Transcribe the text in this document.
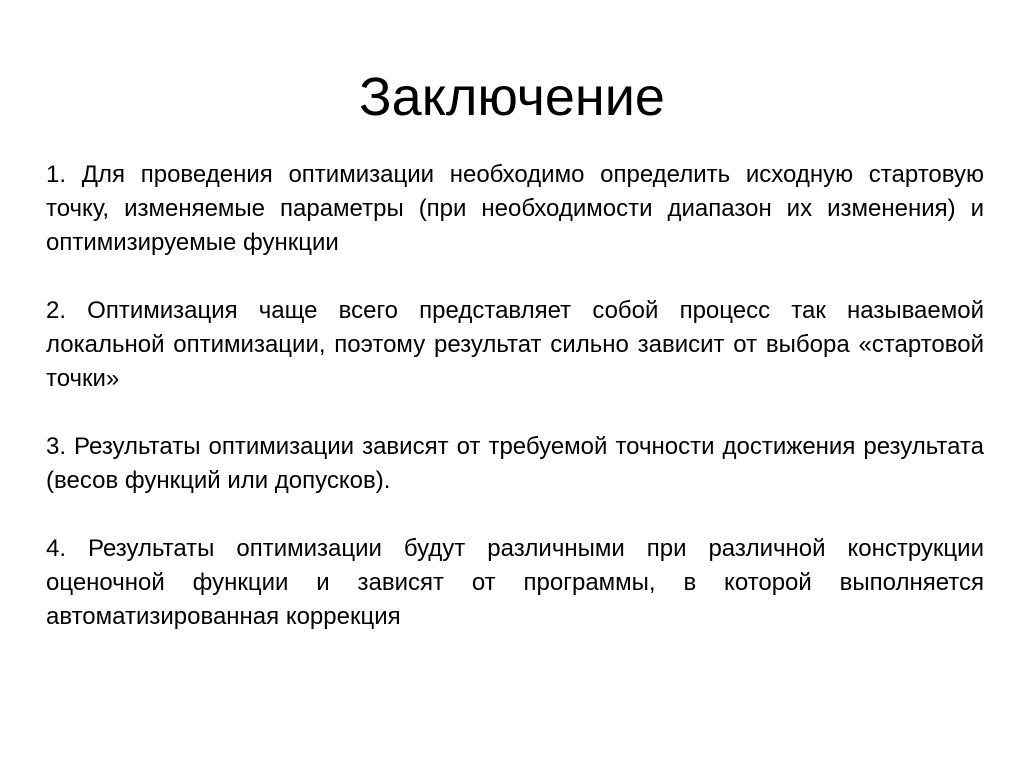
Заключение

1. Для проведения оптимизации необходимо определить исходную стартовую точку, изменяемые параметры (при необходимости диапазон их изменения) и оптимизируемые функции

2. Оптимизация чаще всего представляет собой процесс так называемой локальной оптимизации, поэтому результат сильно зависит от выбора «стартовой точки»

3. Результаты оптимизации зависят от требуемой точности достижения результата (весов функций или допусков).

4. Результаты оптимизации будут различными при различной конструкции оценочной функции и зависят от программы, в которой выполняется автоматизированная коррекция
